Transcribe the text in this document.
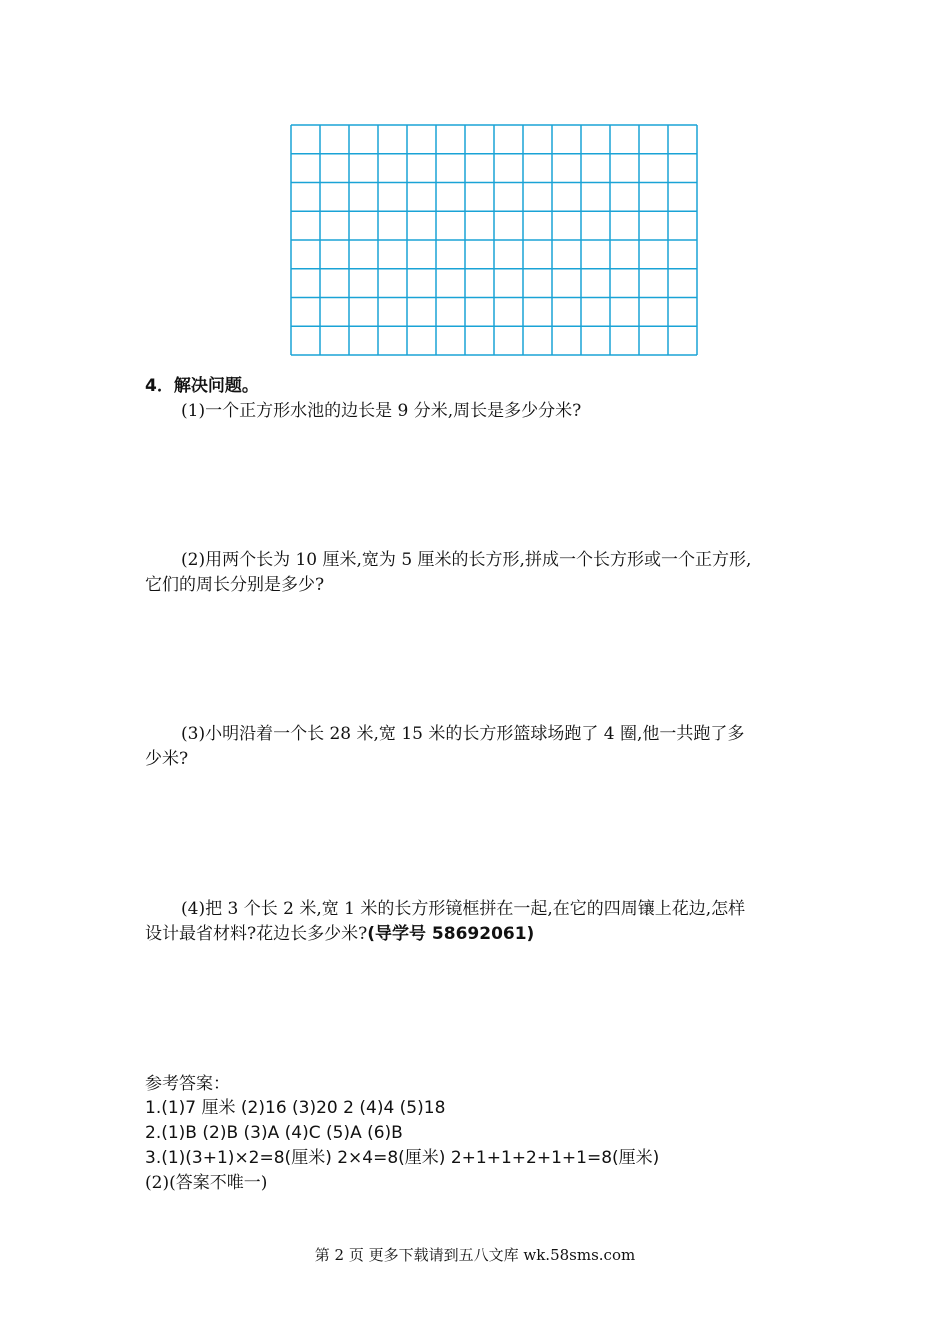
4．解决问题。
(1)一个正方形水池的边长是 9 分米,周长是多少分米?
(2)用两个长为 10 厘米,宽为 5 厘米的长方形,拼成一个长方形或一个正方形,
它们的周长分别是多少?
(3)小明沿着一个长 28 米,宽 15 米的长方形篮球场跑了 4 圈,他一共跑了多
少米?
(4)把 3 个长 2 米,宽 1 米的长方形镜框拼在一起,在它的四周镶上花边,怎样
设计最省材料?花边长多少米?(导学号 58692061)
参考答案：
1.(1)7 厘米 (2)16 (3)20 2 (4)4 (5)18
2.(1)B (2)B (3)A (4)C (5)A (6)B
3.(1)(3+1)×2=8(厘米) 2×4=8(厘米) 2+1+1+2+1+1=8(厘米)
(2)(答案不唯一)
第 2 页 更多下载请到五八文库 wk.58sms.com
